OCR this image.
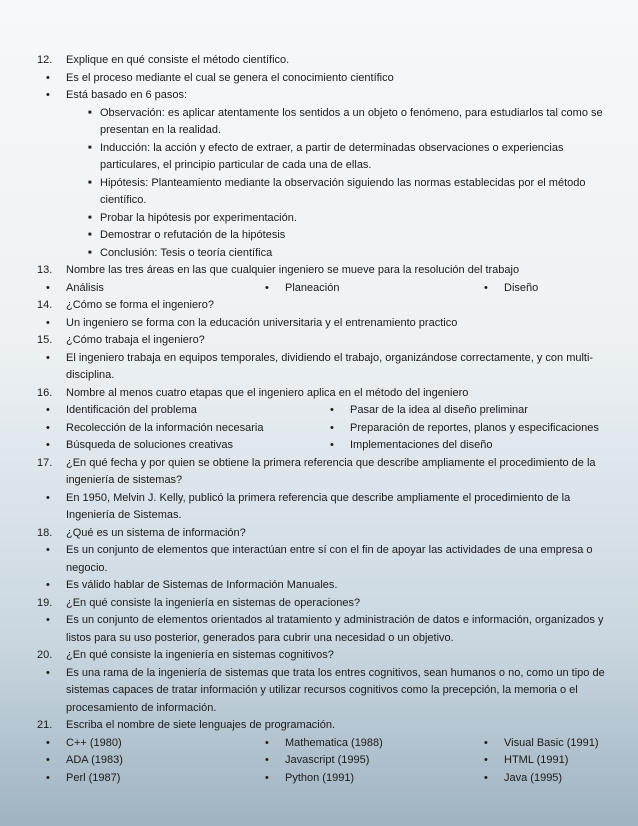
12. Explique en qué consiste el método científico.
• Es el proceso mediante el cual se genera el conocimiento científico
• Está basado en 6 pasos:
■ Observación: es aplicar atentamente los sentidos a un objeto o fenómeno, para estudiarlos tal como se presentan en la realidad.
■ Inducción: la acción y efecto de extraer, a partir de determinadas observaciones o experiencias particulares, el principio particular de cada una de ellas.
■ Hipótesis: Planteamiento mediante la observación siguiendo las normas establecidas por el método científico.
■ Probar la hipótesis por experimentación.
■ Demostrar o refutación de la hipótesis
■ Conclusión: Tesis o teoría científica
13. Nombre las tres áreas en las que cualquier ingeniero se mueve para la resolución del trabajo
• Análisis	• Planeación	• Diseño
14. ¿Cómo se forma el ingeniero?
• Un ingeniero se forma con la educación universitaria y el entrenamiento practico
15. ¿Cómo trabaja el ingeniero?
• El ingeniero trabaja en equipos temporales, dividiendo el trabajo, organizándose correctamente, y con multi-disciplina.
16. Nombre al menos cuatro etapas que el ingeniero aplica en el método del ingeniero
• Identificación del problema	• Pasar de la idea al diseño preliminar
• Recolección de la información necesaria	• Preparación de reportes, planos y especificaciones
• Búsqueda de soluciones creativas	• Implementaciones del diseño
17. ¿En qué fecha y por quien se obtiene la primera referencia que describe ampliamente el procedimiento de la ingeniería de sistemas?
• En 1950, Melvin J. Kelly, publicó la primera referencia que describe ampliamente el procedimiento de la Ingeniería de Sistemas.
18. ¿Qué es un sistema de información?
• Es un conjunto de elementos que interactúan entre sí con el fin de apoyar las actividades de una empresa o negocio.
• Es válido hablar de Sistemas de Información Manuales.
19. ¿En qué consiste la ingeniería en sistemas de operaciones?
• Es un conjunto de elementos orientados al tratamiento y administración de datos e información, organizados y listos para su uso posterior, generados para cubrir una necesidad o un objetivo.
20. ¿En qué consiste la ingeniería en sistemas cognitivos?
• Es una rama de la ingeniería de sistemas que trata los entres cognitivos, sean humanos o no, como un tipo de sistemas capaces de tratar información y utilizar recursos cognitivos como la precepción, la memoria o el procesamiento de información.
21. Escriba el nombre de siete lenguajes de programación.
• C++ (1980)	• Mathematica (1988)	• Visual Basic (1991)
• ADA (1983)	• Javascript (1995)	• HTML (1991)
• Perl (1987)	• Python (1991)	• Java (1995)
